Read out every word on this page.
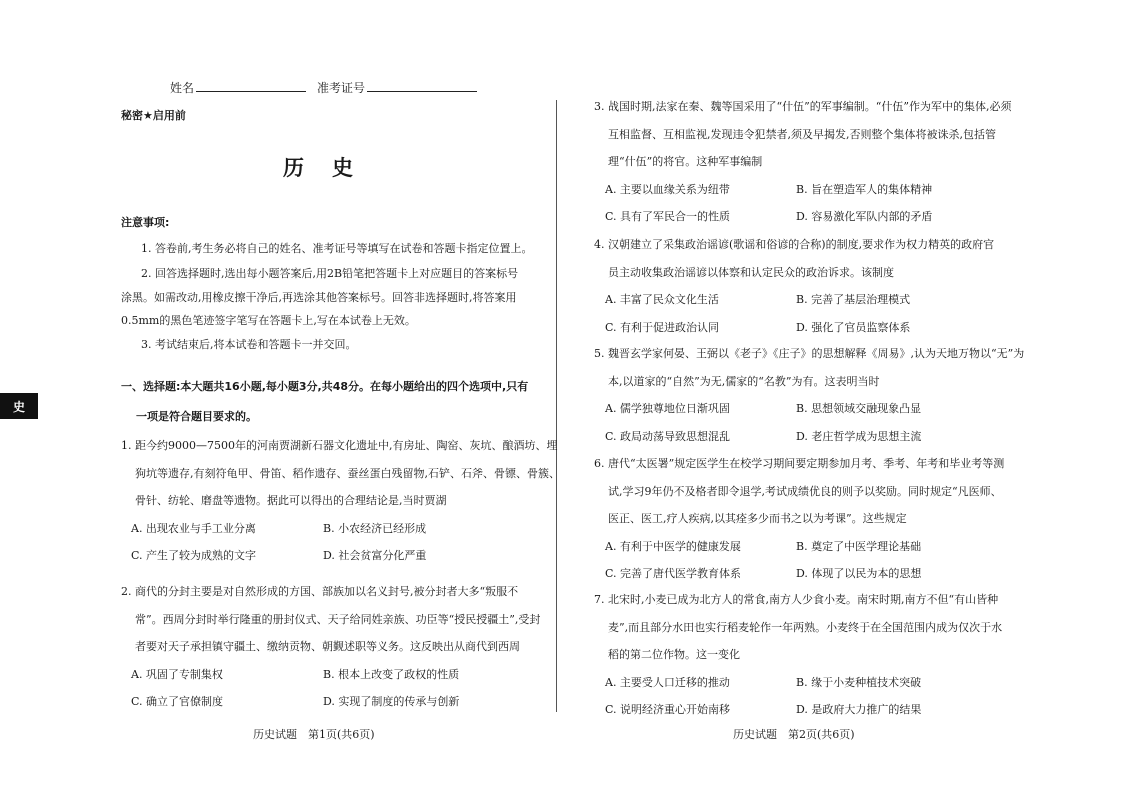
姓名	准考证号
秘密★启用前
历史
史
注意事项:
1. 答卷前,考生务必将自己的姓名、准考证号等填写在试卷和答题卡指定位置上。
2. 回答选择题时,选出每小题答案后,用2B铅笔把答题卡上对应题目的答案标号
涂黑。如需改动,用橡皮擦干净后,再选涂其他答案标号。回答非选择题时,将答案用
0.5mm的黑色笔迹签字笔写在答题卡上,写在本试卷上无效。
3. 考试结束后,将本试卷和答题卡一并交回。
一、选择题:本大题共16小题,每小题3分,共48分。在每小题给出的四个选项中,只有
一项是符合题目要求的。
1. 距今约9000—7500年的河南贾湖新石器文化遗址中,有房址、陶窑、灰坑、酿酒坊、埋
狗坑等遗存,有刻符龟甲、骨笛、稻作遗存、蚕丝蛋白残留物,石铲、石斧、骨镖、骨簇、
骨针、纺轮、磨盘等遗物。据此可以得出的合理结论是,当时贾湖
A. 出现农业与手工业分离	B. 小农经济已经形成
C. 产生了较为成熟的文字	D. 社会贫富分化严重
2. 商代的分封主要是对自然形成的方国、部族加以名义封号,被分封者大多“叛服不
常”。西周分封时举行隆重的册封仪式、天子给同姓亲族、功臣等“授民授疆土”,受封
者要对天子承担镇守疆土、缴纳贡物、朝觐述职等义务。这反映出从商代到西周
A. 巩固了专制集权	B. 根本上改变了政权的性质
C. 确立了官僚制度	D. 实现了制度的传承与创新
3. 战国时期,法家在秦、魏等国采用了“什伍”的军事编制。“什伍”作为军中的集体,必须
互相监督、互相监视,发现违令犯禁者,须及早揭发,否则整个集体将被诛杀,包括管
理“什伍”的将官。这种军事编制
A. 主要以血缘关系为纽带	B. 旨在塑造军人的集体精神
C. 具有了军民合一的性质	D. 容易激化军队内部的矛盾
4. 汉朝建立了采集政治谣谚(歌谣和俗谚的合称)的制度,要求作为权力精英的政府官
员主动收集政治谣谚以体察和认定民众的政治诉求。该制度
A. 丰富了民众文化生活	B. 完善了基层治理模式
C. 有利于促进政治认同	D. 强化了官员监察体系
5. 魏晋玄学家何晏、王弼以《老子》《庄子》的思想解释《周易》,认为天地万物以“无”为
本,以道家的“自然”为无,儒家的“名教”为有。这表明当时
A. 儒学独尊地位日渐巩固	B. 思想领域交融现象凸显
C. 政局动荡导致思想混乱	D. 老庄哲学成为思想主流
6. 唐代“太医署”规定医学生在校学习期间要定期参加月考、季考、年考和毕业考等测
试,学习9年仍不及格者即令退学,考试成绩优良的则予以奖励。同时规定“凡医师、
医正、医工,疗人疾病,以其痊多少而书之以为考课”。这些规定
A. 有利于中医学的健康发展	B. 奠定了中医学理论基础
C. 完善了唐代医学教育体系	D. 体现了以民为本的思想
7. 北宋时,小麦已成为北方人的常食,南方人少食小麦。南宋时期,南方不但“有山皆种
麦”,而且部分水田也实行稻麦轮作一年两熟。小麦终于在全国范围内成为仅次于水
稻的第二位作物。这一变化
A. 主要受人口迁移的推动	B. 缘于小麦种植技术突破
C. 说明经济重心开始南移	D. 是政府大力推广的结果
历史试题　第1页(共6页)	历史试题　第2页(共6页)
